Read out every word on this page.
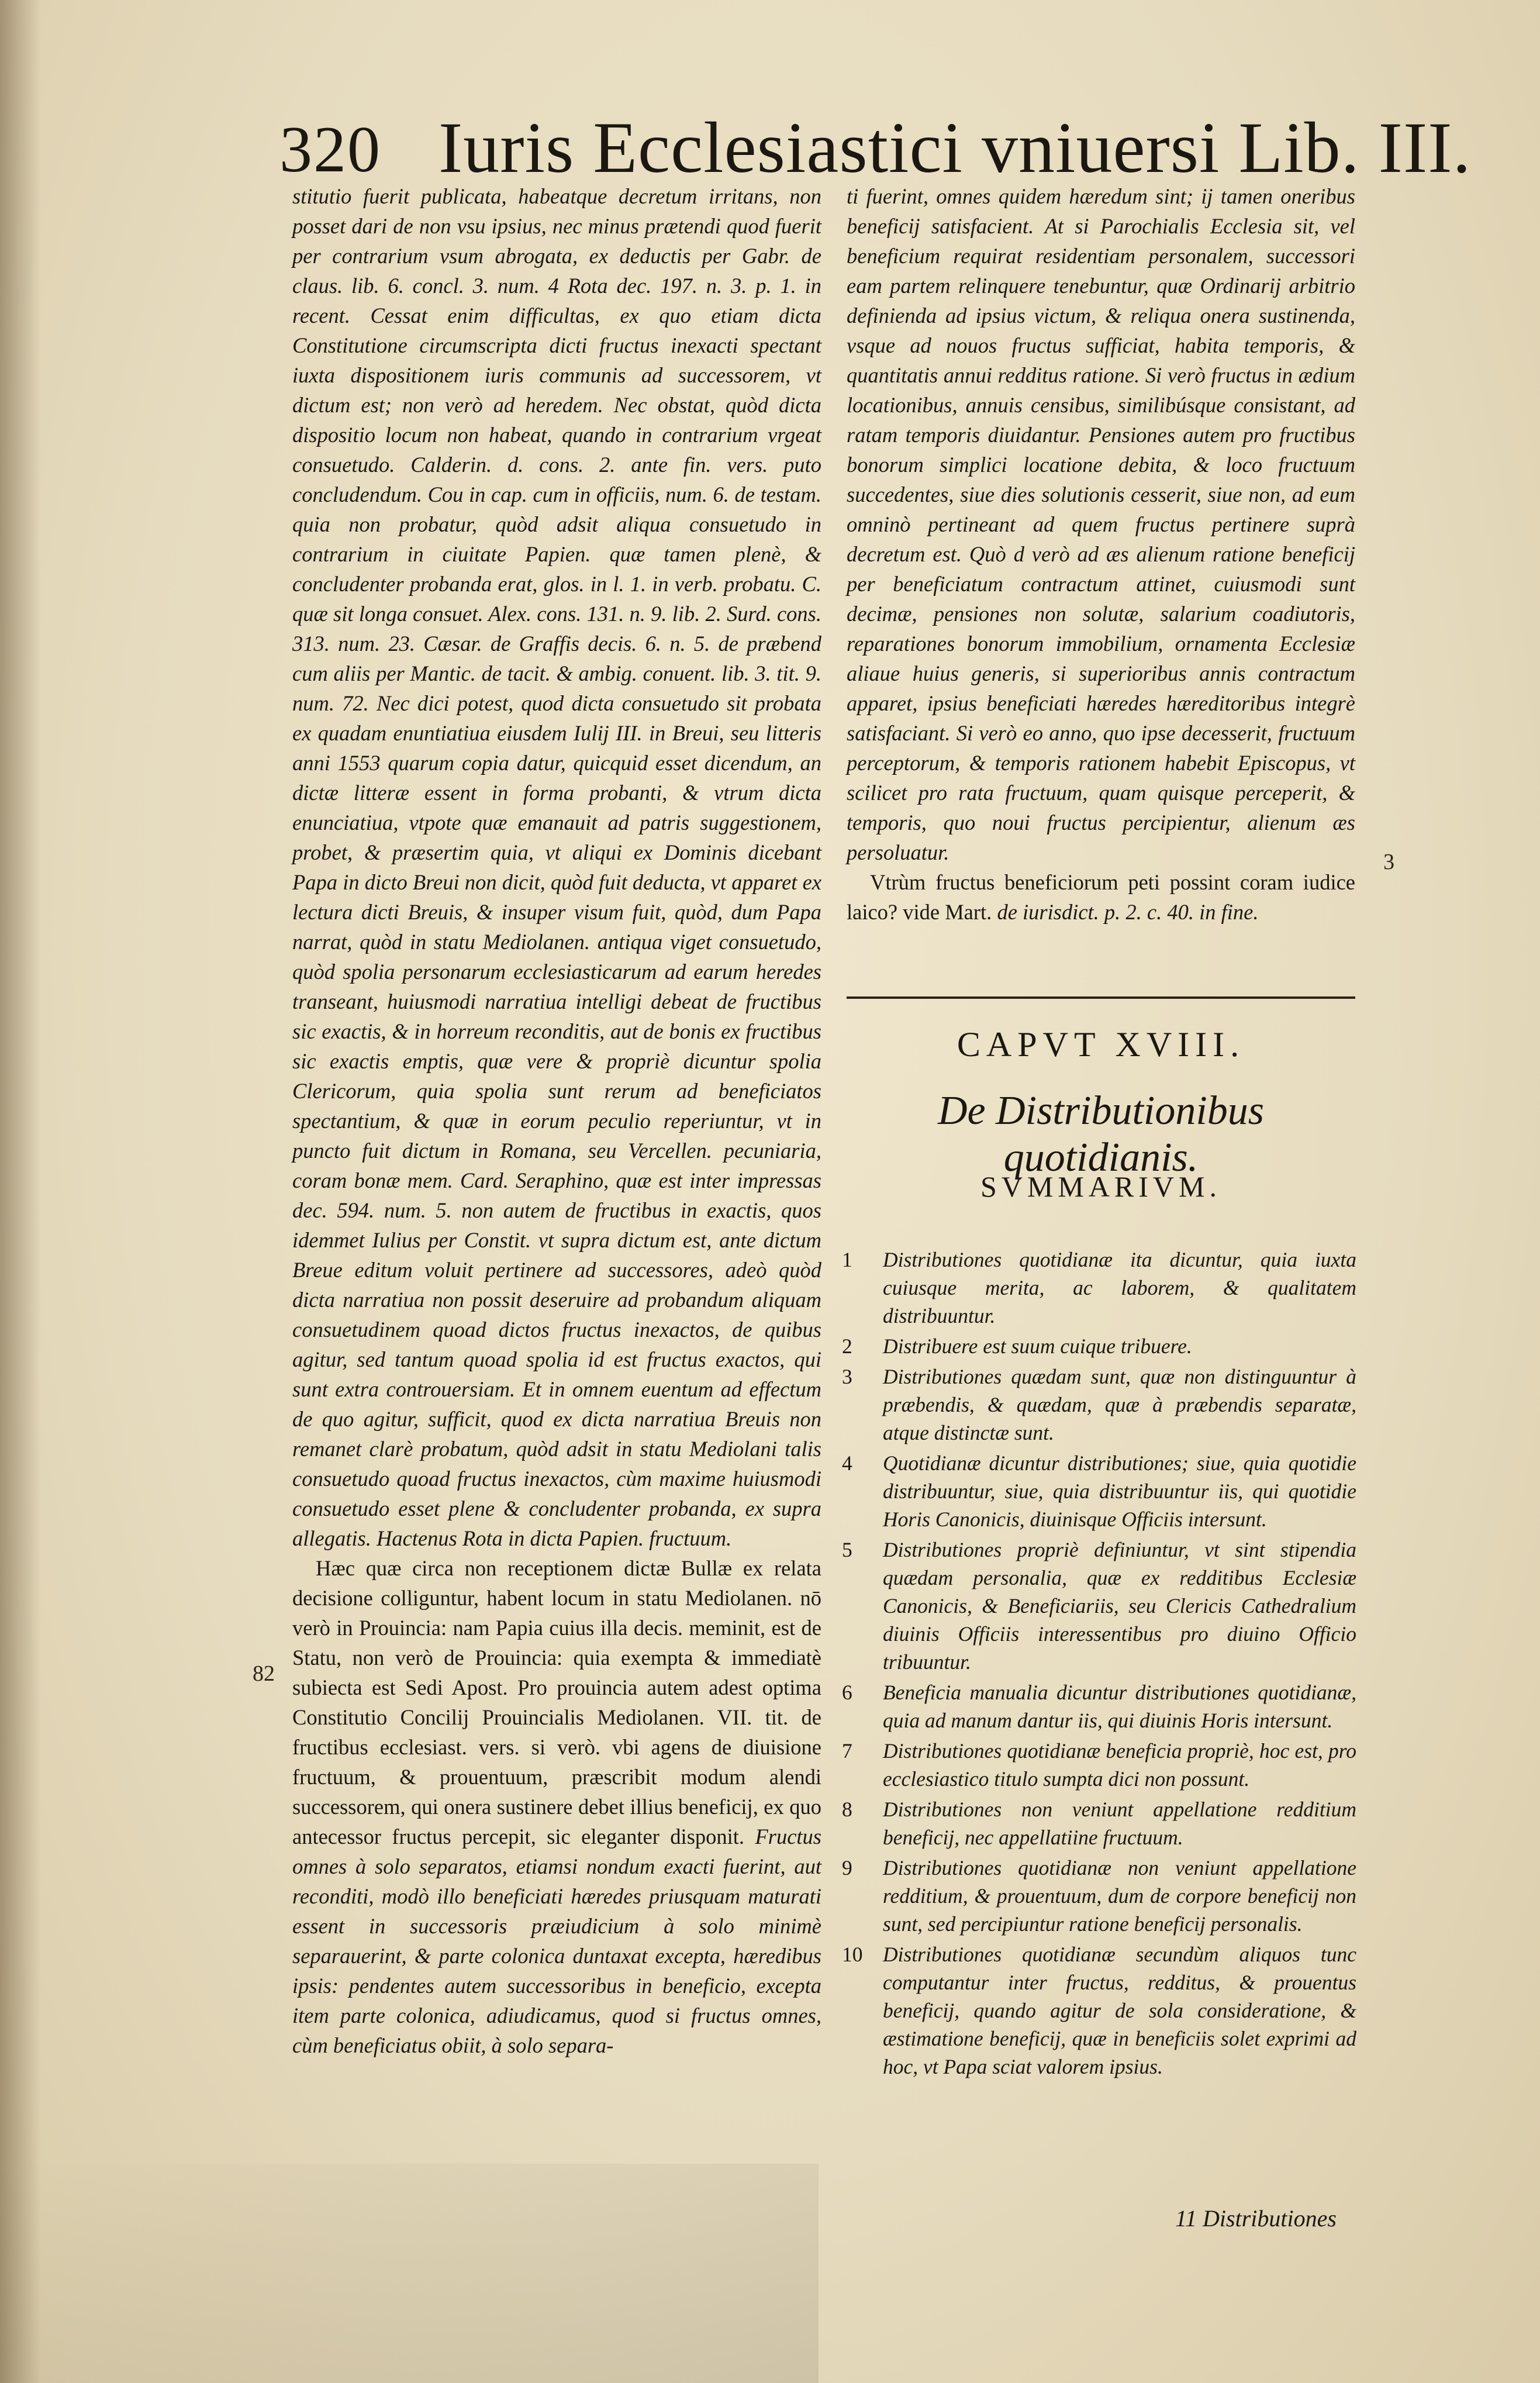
320 Iuris Ecclesiastici vniuersi Lib. III.

stitutio fuerit publicata, habeatque decretum irritans, non posset dari de non vsu ipsius, nec minus prætendi quod fuerit per contrarium vsum abrogata, ex deductis per Gabr. de claus. lib. 6. concl. 3. num. 4 Rota dec. 197. n. 3. p. 1. in recent. Cessat enim difficultas, ex quo etiam dicta Constitutione circumscripta dicti fructus inexacti spectant iuxta dispositionem iuris communis ad successorem, vt dictum est; non verò ad heredem. Nec obstat, quòd dicta dispositio locum non habeat, quando in contrarium vrgeat consuetudo. Calderin. d. cons. 2. ante fin. vers. puto concludendum. Cou in cap. cum in officiis, num. 6. de testam. quia non probatur, quòd adsit aliqua consuetudo in contrarium in ciuitate Papien. quæ tamen plenè, & concludenter probanda erat, glos. in l. 1. in verb. probatu. C. quæ sit longa consuet. Alex. cons. 131. n. 9. lib. 2. Surd. cons. 313. num. 23. Cæsar. de Graffis decis. 6. n. 5. de præbend cum aliis per Mantic. de tacit. & ambig. conuent. lib. 3. tit. 9. num. 72. Nec dici potest, quod dicta consuetudo sit probata ex quadam enuntiatiua eiusdem Iulij III. in Breui, seu litteris anni 1553 quarum copia datur, quicquid esset dicendum, an dictæ litteræ essent in forma probanti, & vtrum dicta enunciatiua, vtpote quæ emanauit ad patris suggestionem, probet, & præsertim quia, vt aliqui ex Dominis dicebant Papa in dicto Breui non dicit, quòd fuit deducta, vt apparet ex lectura dicti Breuis, & insuper visum fuit, quòd, dum Papa narrat, quòd in statu Mediolanen. antiqua viget consuetudo, quòd spolia personarum ecclesiasticarum ad earum heredes transeant, huiusmodi narratiua intelligi debeat de fructibus sic exactis, & in horreum reconditis, aut de bonis ex fructibus sic exactis emptis, quæ vere & propriè dicuntur spolia Clericorum, quia spolia sunt rerum ad beneficiatos spectantium, & quæ in eorum peculio reperiuntur, vt in puncto fuit dictum in Romana, seu Vercellen. pecuniaria, coram bonæ mem. Card. Seraphino, quæ est inter impressas dec. 594. num. 5. non autem de fructibus in exactis, quos idemmet Iulius per Constit. vt supra dictum est, ante dictum Breue editum voluit pertinere ad successores, adeò quòd dicta narratiua non possit deseruire ad probandum aliquam consuetudinem quoad dictos fructus inexactos, de quibus agitur, sed tantum quoad spolia id est fructus exactos, qui sunt extra controuersiam. Et in omnem euentum ad effectum de quo agitur, sufficit, quod ex dicta narratiua Breuis non remanet clarè probatum, quòd adsit in statu Mediolani talis consuetudo quoad fructus inexactos, cùm maxime huiusmodi consuetudo esset plene & concludenter probanda, ex supra allegatis. Hactenus Rota in dicta Papien. fructuum.

Hæc quæ circa non receptionem dictæ Bullæ ex relata decisione colliguntur, habent locum in statu Mediolanen. nō verò in Prouincia: nam Papia cuius illa decis. meminit, est de Statu, non verò de Prouincia: quia exempta & immediatè subiecta est Sedi Apost. Pro prouincia autem adest optima Constitutio Concilij Prouincialis Mediolanen. VII. tit. de fructibus ecclesiast. vers. si verò. vbi agens de diuisione fructuum, & prouentuum, præscribit modum alendi successorem, qui onera sustinere debet illius beneficij, ex quo antecessor fructus percepit, sic eleganter disponit. Fructus omnes à solo separatos, etiamsi nondum exacti fuerint, aut reconditi, modò illo beneficiati hæredes priusquam maturati essent in successoris præiudicium à solo minimè separauerint, & parte colonica duntaxat excepta, hæredibus ipsis: pendentes autem successoribus in beneficio, excepta item parte colonica, adiudicamus, quod si fructus omnes, cùm beneficiatus obiit, à solo separa-

82

ti fuerint, omnes quidem hæredum sint; ij tamen oneribus beneficij satisfacient. At si Parochialis Ecclesia sit, vel beneficium requirat residentiam personalem, successori eam partem relinquere tenebuntur, quæ Ordinarij arbitrio definienda ad ipsius victum, & reliqua onera sustinenda, vsque ad nouos fructus sufficiat, habita temporis, & quantitatis annui redditus ratione. Si verò fructus in ædium locationibus, annuis censibus, similibúsque consistant, ad ratam temporis diuidantur. Pensiones autem pro fructibus bonorum simplici locatione debita, & loco fructuum succedentes, siue dies solutionis cesserit, siue non, ad eum omninò pertineant ad quem fructus pertinere suprà decretum est. Quò d verò ad æs alienum ratione beneficij per beneficiatum contractum attinet, cuiusmodi sunt decimæ, pensiones non solutæ, salarium coadiutoris, reparationes bonorum immobilium, ornamenta Ecclesiæ aliaue huius generis, si superioribus annis contractum apparet, ipsius beneficiati hæredes hæreditoribus integrè satisfaciant. Si verò eo anno, quo ipse decesserit, fructuum perceptorum, & temporis rationem habebit Episcopus, vt scilicet pro rata fructuum, quam quisque perceperit, & temporis, quo noui fructus percipientur, alienum æs persoluatur.

Vtrùm fructus beneficiorum peti possint coram iudice laico? vide Mart. de iurisdict. p. 2. c. 40. in fine.

3
CAPVT XVIII.
De Distributionibus quotidianis.
SVMMARIVM.
1	Distributiones quotidianæ ita dicuntur, quia iuxta cuiusque merita, ac laborem, & qualitatem distribuuntur.
2	Distribuere est suum cuique tribuere.
3	Distributiones quædam sunt, quæ non distinguuntur à præbendis, & quædam, quæ à præbendis separatæ, atque distinctæ sunt.
4	Quotidianæ dicuntur distributiones; siue, quia quotidie distribuuntur, siue, quia distribuuntur iis, qui quotidie Horis Canonicis, diuinisque Officiis intersunt.
5	Distributiones propriè definiuntur, vt sint stipendia quædam personalia, quæ ex redditibus Ecclesiæ Canonicis, & Beneficiariis, seu Clericis Cathedralium diuinis Officiis interessentibus pro diuino Officio tribuuntur.
6	Beneficia manualia dicuntur distributiones quotidianæ, quia ad manum dantur iis, qui diuinis Horis intersunt.
7	Distributiones quotidianæ beneficia propriè, hoc est, pro ecclesiastico titulo sumpta dici non possunt.
8	Distributiones non veniunt appellatione redditium beneficij, nec appellatiine fructuum.
9	Distributiones quotidianæ non veniunt appellatione redditium, & prouentuum, dum de corpore beneficij non sunt, sed percipiuntur ratione beneficij personalis.
10 Distributiones quotidianæ secundùm aliquos tunc computantur inter fructus, redditus, & prouentus beneficij, quando agitur de sola consideratione, & æstimatione beneficij, quæ in beneficiis solet exprimi ad hoc, vt Papa sciat valorem ipsius.
11 Distributiones
